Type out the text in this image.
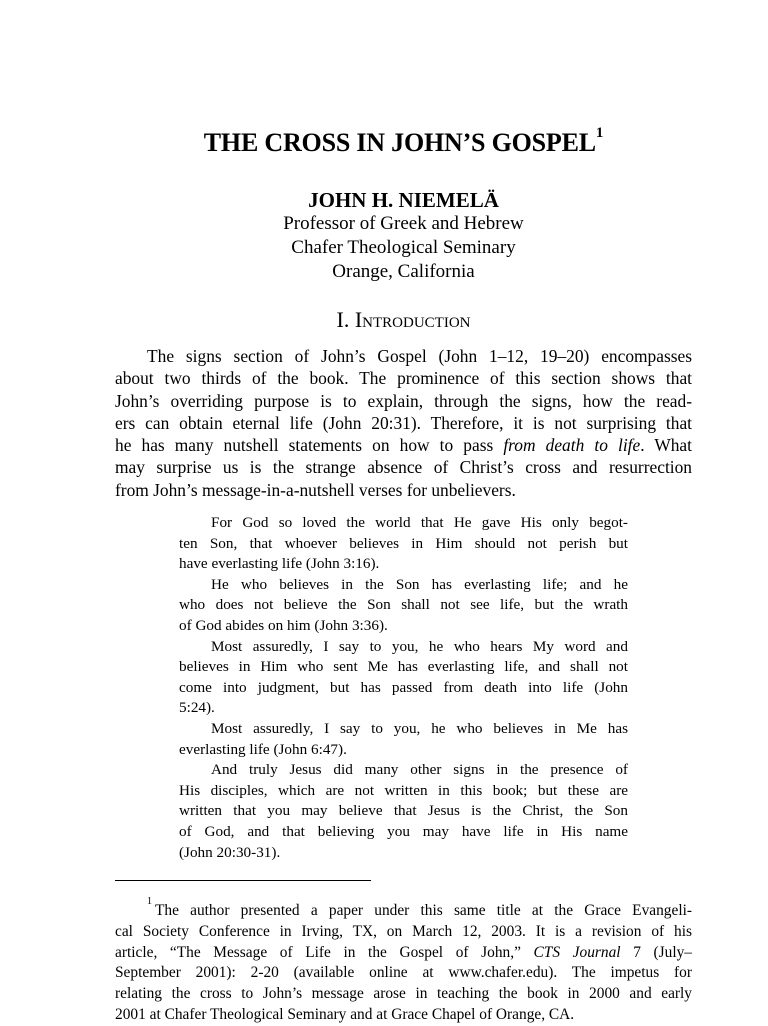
THE CROSS IN JOHN’S GOSPEL$^1$
JOHN H. NIEMELÄ
Professor of Greek and Hebrew
Chafer Theological Seminary
Orange, California
I. Introduction
The signs section of John’s Gospel (John 1–12, 19–20) encompasses
about two thirds of the book. The prominence of this section shows that
John’s overriding purpose is to explain, through the signs, how the read-
ers can obtain eternal life (John 20:31). Therefore, it is not surprising that
he has many nutshell statements on how to pass from death to life. What
may surprise us is the strange absence of Christ’s cross and resurrection
from John’s message-in-a-nutshell verses for unbelievers.
For God so loved the world that He gave His only begot-
ten Son, that whoever believes in Him should not perish but
have everlasting life (John 3:16).
He who believes in the Son has everlasting life; and he
who does not believe the Son shall not see life, but the wrath
of God abides on him (John 3:36).
Most assuredly, I say to you, he who hears My word and
believes in Him who sent Me has everlasting life, and shall not
come into judgment, but has passed from death into life (John
5:24).
Most assuredly, I say to you, he who believes in Me has
everlasting life (John 6:47).
And truly Jesus did many other signs in the presence of
His disciples, which are not written in this book; but these are
written that you may believe that Jesus is the Christ, the Son
of God, and that believing you may have life in His name
(John 20:30-31).
$^1$The author presented a paper under this same title at the Grace Evangeli-
cal Society Conference in Irving, TX, on March 12, 2003. It is a revision of his
article, “The Message of Life in the Gospel of John,” CTS Journal 7 (July–
September 2001): 2-20 (available online at www.chafer.edu). The impetus for
relating the cross to John’s message arose in teaching the book in 2000 and early
2001 at Chafer Theological Seminary and at Grace Chapel of Orange, CA.
